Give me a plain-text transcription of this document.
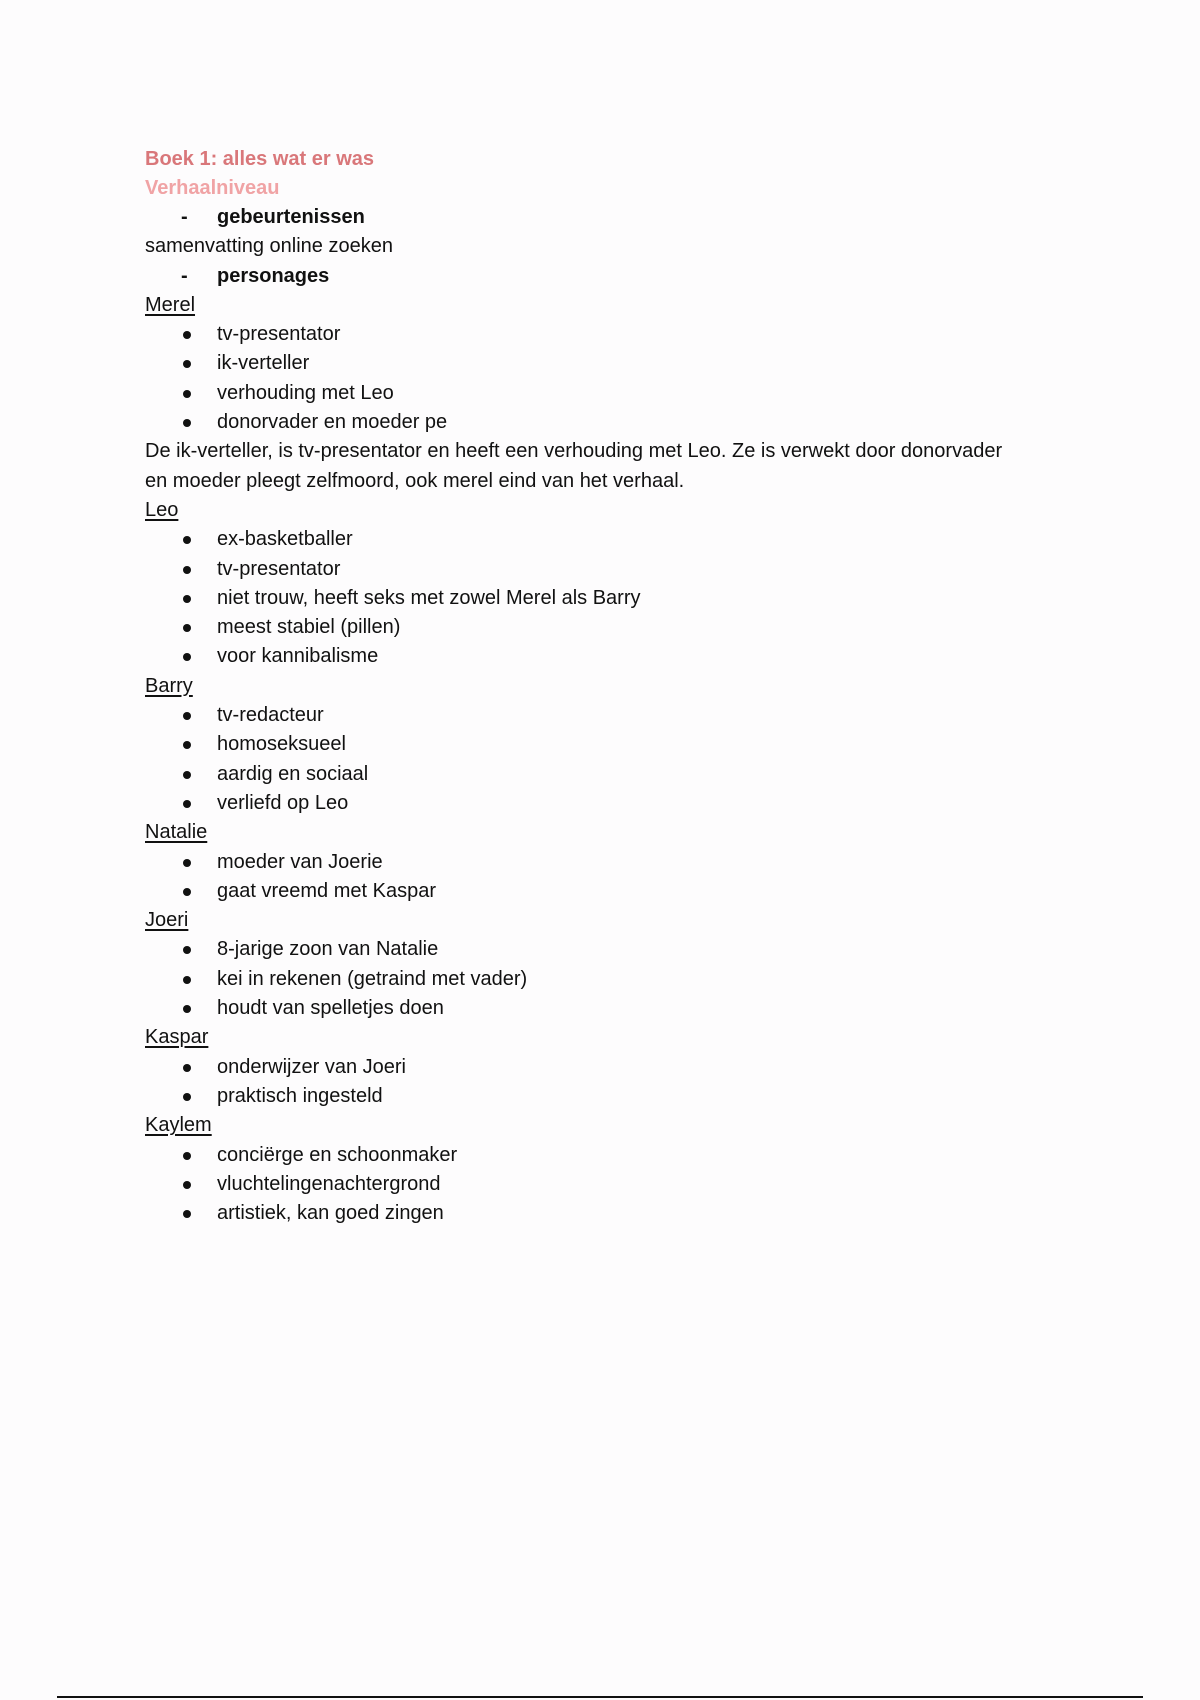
Boek 1: alles wat er was
Verhaalniveau
- gebeurtenissen
samenvatting online zoeken
- personages
Merel
tv-presentator
ik-verteller
verhouding met Leo
donorvader en moeder pe
De ik-verteller, is tv-presentator en heeft een verhouding met Leo. Ze is verwekt door donorvader en moeder pleegt zelfmoord, ook merel eind van het verhaal.
Leo
ex-basketballer
tv-presentator
niet trouw, heeft seks met zowel Merel als Barry
meest stabiel (pillen)
voor kannibalisme
Barry
tv-redacteur
homoseksueel
aardig en sociaal
verliefd op Leo
Natalie
moeder van Joerie
gaat vreemd met Kaspar
Joeri
8-jarige zoon van Natalie
kei in rekenen (getraind met vader)
houdt van spelletjes doen
Kaspar
onderwijzer van Joeri
praktisch ingesteld
Kaylem
conciërge en schoonmaker
vluchtelingenachtergrond
artistiek, kan goed zingen
